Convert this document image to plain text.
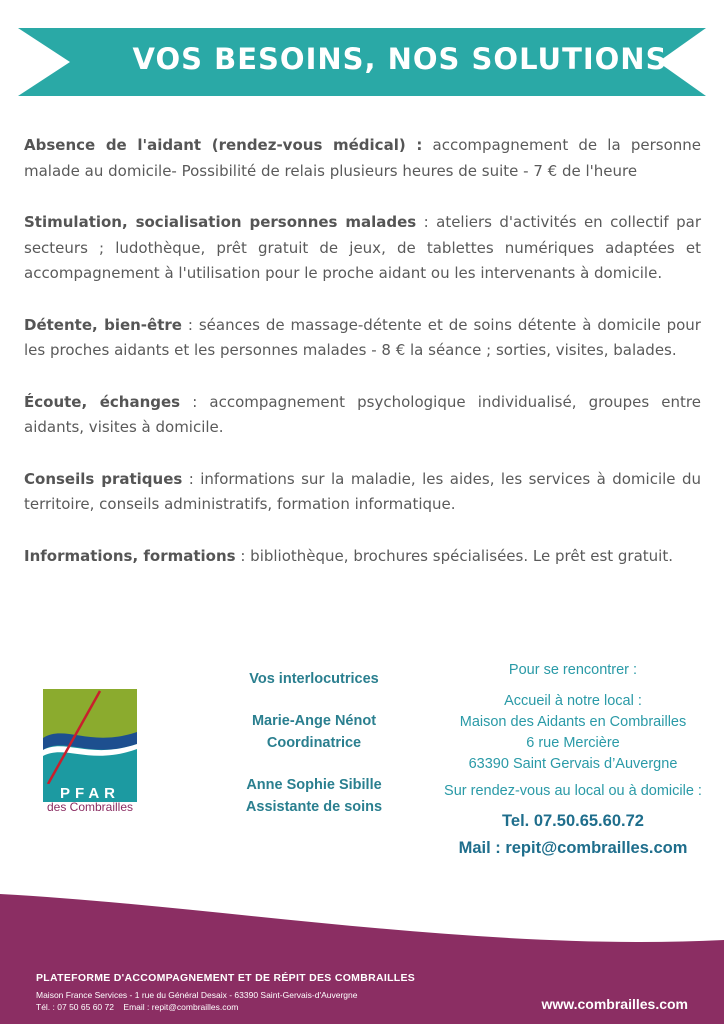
VOS BESOINS, NOS SOLUTIONS

Absence de l'aidant (rendez-vous médical) : accompagnement de la personne malade au domicile- Possibilité de relais plusieurs heures de suite - 7 € de l'heure

Stimulation, socialisation personnes malades : ateliers d'activités en collectif par secteurs ; ludothèque, prêt gratuit de jeux, de tablettes numériques adaptées et accompagnement à l'utilisation pour le proche aidant ou les intervenants à domicile.

Détente, bien-être : séances de massage-détente et de soins détente à domicile pour les proches aidants et les personnes malades - 8 € la séance ; sorties, visites, balades.

Écoute, échanges : accompagnement psychologique individualisé, groupes entre aidants, visites à domicile.

Conseils pratiques : informations sur la maladie, les aides, les services à domicile du territoire, conseils administratifs, formation informatique.

Informations, formations : bibliothèque, brochures spécialisées. Le prêt est gratuit.

PFAR
des Combrailles
Vos interlocutrices
Marie-Ange Nénot
Coordinatrice
Anne Sophie Sibille
Assistante de soins
Pour se rencontrer :
Accueil à notre local :
Maison des Aidants en Combrailles
6 rue Mercière
63390 Saint Gervais d’Auvergne
Sur rendez-vous au local ou à domicile :
Tel. 07.50.65.60.72
Mail : repit@combrailles.com
PLATEFORME D'ACCOMPAGNEMENT ET DE RÉPIT DES COMBRAILLES
Maison France Services - 1 rue du Général Desaix - 63390 Saint-Gervais-d'Auvergne
Tél. : 07 50 65 60 72    Email : repit@combrailles.com	www.combrailles.com
